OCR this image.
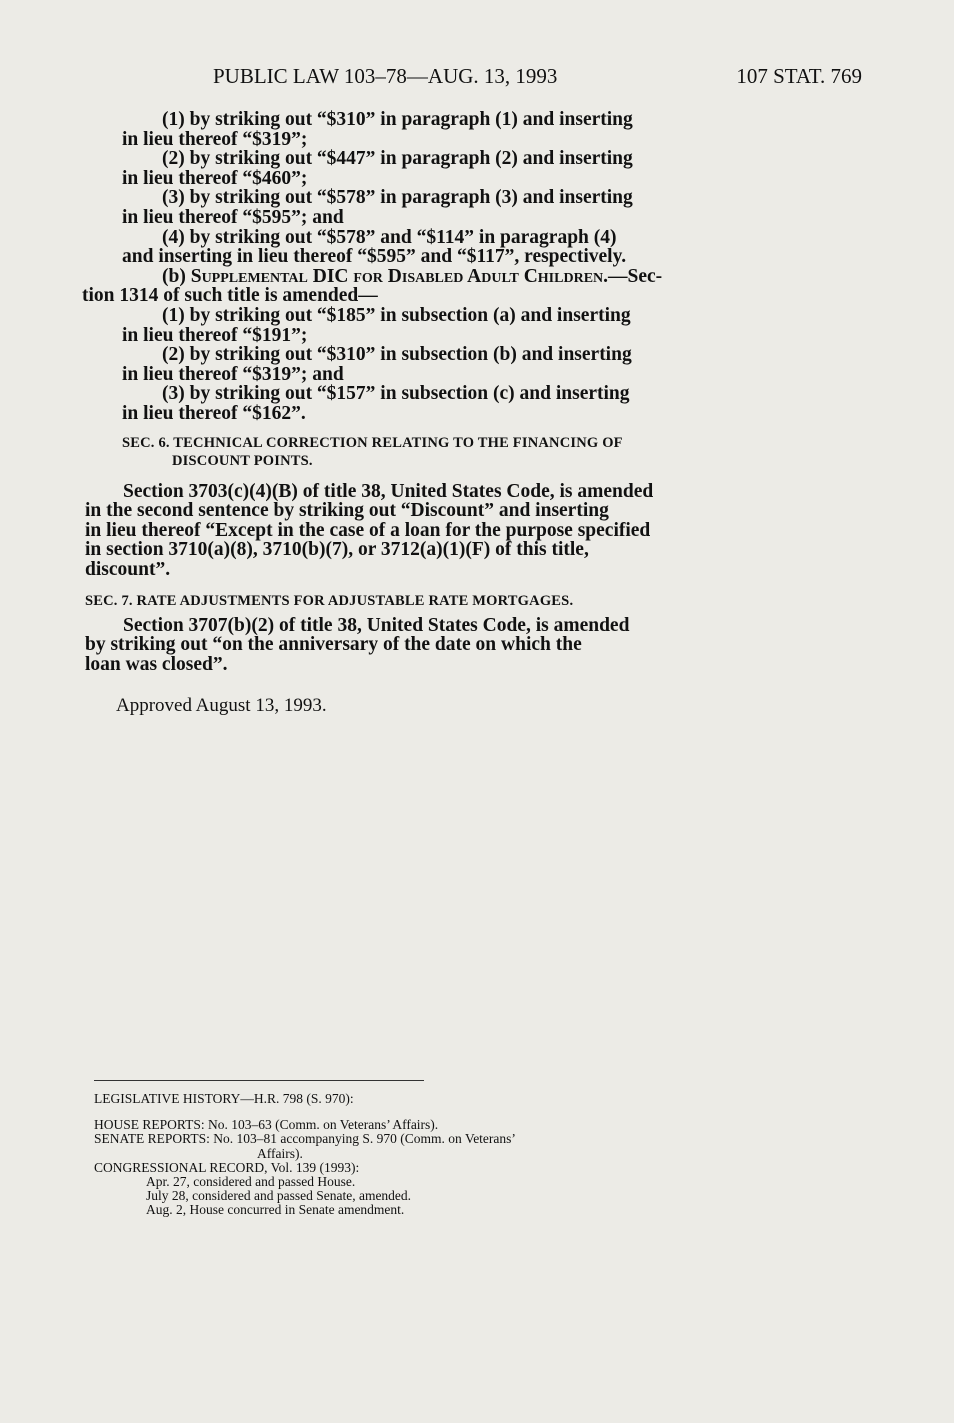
PUBLIC LAW 103–78—AUG. 13, 1993	107 STAT. 769

(1) by striking out “$310” in paragraph (1) and inserting

in lieu thereof “$319”;

(2) by striking out “$447” in paragraph (2) and inserting

in lieu thereof “$460”;

(3) by striking out “$578” in paragraph (3) and inserting

in lieu thereof “$595”; and

(4) by striking out “$578” and “$114” in paragraph (4)

and inserting in lieu thereof “$595” and “$117”, respectively.

(b) Supplemental DIC for Disabled Adult Children.—Sec-

tion 1314 of such title is amended—

(1) by striking out “$185” in subsection (a) and inserting

in lieu thereof “$191”;

(2) by striking out “$310” in subsection (b) and inserting

in lieu thereof “$319”; and

(3) by striking out “$157” in subsection (c) and inserting

in lieu thereof “$162”.

SEC. 6. TECHNICAL CORRECTION RELATING TO THE FINANCING OF
DISCOUNT POINTS.
Section 3703(c)(4)(B) of title 38, United States Code, is amended
in the second sentence by striking out “Discount” and inserting
in lieu thereof “Except in the case of a loan for the purpose specified
in section 3710(a)(8), 3710(b)(7), or 3712(a)(1)(F) of this title,
discount”.
SEC. 7. RATE ADJUSTMENTS FOR ADJUSTABLE RATE MORTGAGES.
Section 3707(b)(2) of title 38, United States Code, is amended
by striking out “on the anniversary of the date on which the
loan was closed”.
Approved August 13, 1993.
LEGISLATIVE HISTORY—H.R. 798 (S. 970):
HOUSE REPORTS: No. 103–63 (Comm. on Veterans’ Affairs).
SENATE REPORTS: No. 103–81 accompanying S. 970 (Comm. on Veterans’
Affairs).
CONGRESSIONAL RECORD, Vol. 139 (1993):
Apr. 27, considered and passed House.
July 28, considered and passed Senate, amended.
Aug. 2, House concurred in Senate amendment.
